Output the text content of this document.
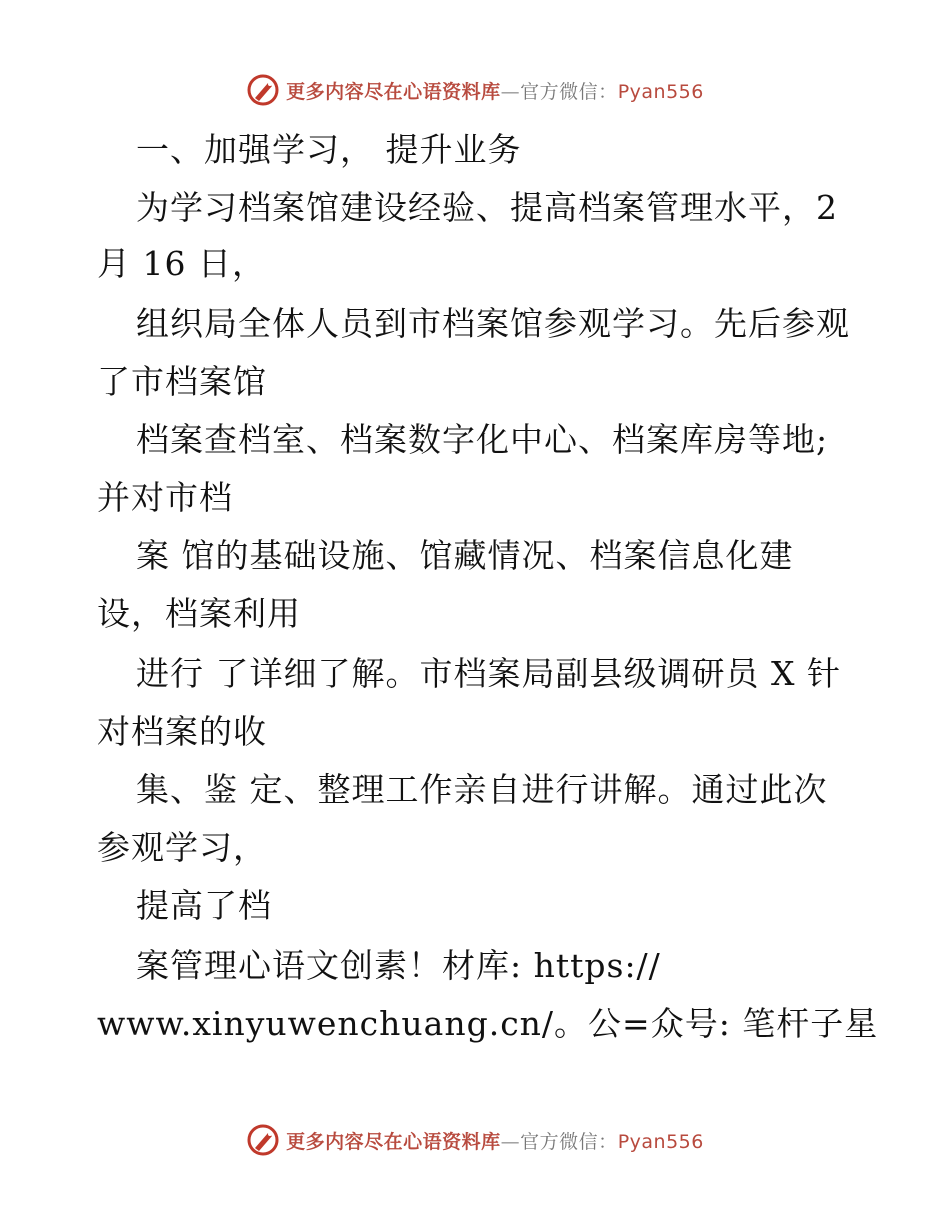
更多内容尽在心语资料库—官方微信：Pyan556
一、加强学习， 提升业务
为学习档案馆建设经验、提高档案管理水平，2
月 16 日，
组织局全体人员到市档案馆参观学习。先后参观
了市档案馆
档案查档室、档案数字化中心、档案库房等地;
并对市档
案 馆的基础设施、馆藏情况、档案信息化建
设，档案利用
进行 了详细了解。市档案局副县级调研员 X 针
对档案的收
集、鉴 定、整理工作亲自进行讲解。通过此次
参观学习，
提高了档
案管理心语文创素！材库: https://
www.xinyuwenchuang.cn/。公=众号: 笔杆子星
更多内容尽在心语资料库—官方微信：Pyan556
